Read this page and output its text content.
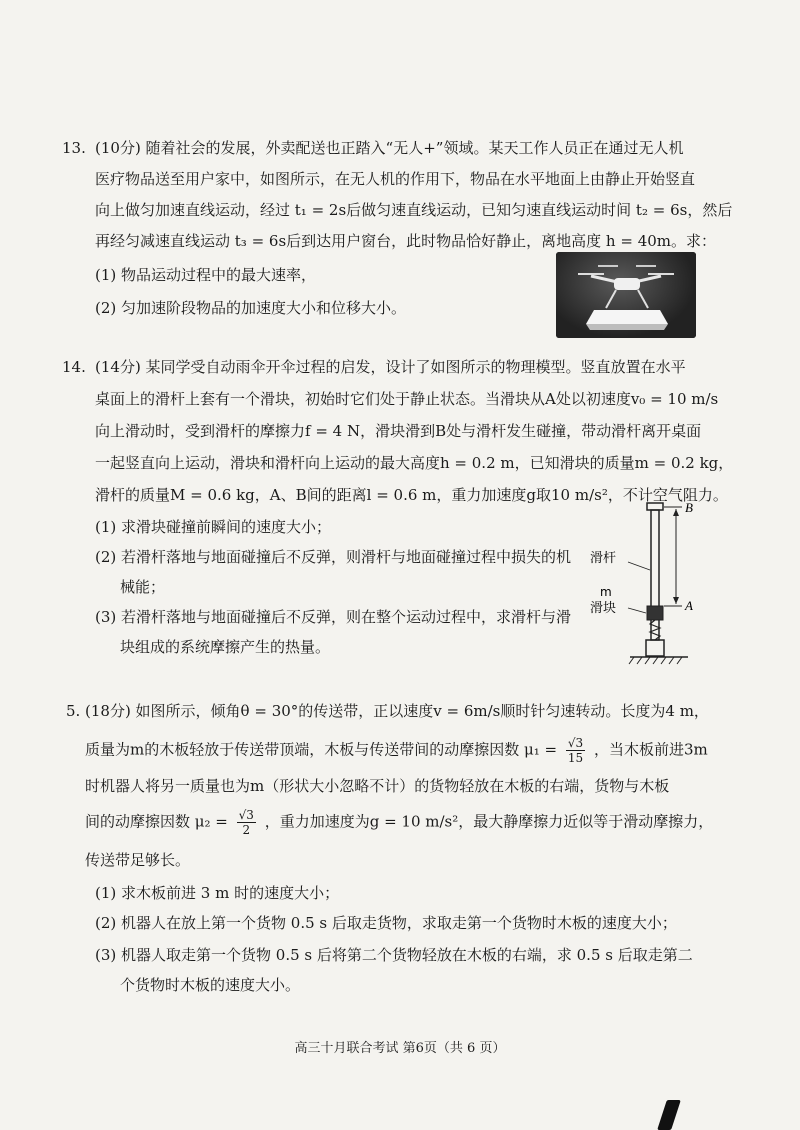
13. (10分) 随着社会的发展，外卖配送也正踏入“无人+”领域。某天工作人员正在通过无人机
医疗物品送至用户家中，如图所示，在无人机的作用下，物品在水平地面上由静止开始竖直
向上做匀加速直线运动，经过 t₁ = 2s后做匀速直线运动，已知匀速直线运动时间 t₂ = 6s，然后
再经匀减速直线运动 t₃ = 6s后到达用户窗台，此时物品恰好静止，离地高度 h = 40m。求：
(1) 物品运动过程中的最大速率，
(2) 匀加速阶段物品的加速度大小和位移大小。
14. (14分) 某同学受自动雨伞开伞过程的启发，设计了如图所示的物理模型。竖直放置在水平
桌面上的滑杆上套有一个滑块，初始时它们处于静止状态。当滑块从A处以初速度v₀ = 10 m/s
向上滑动时，受到滑杆的摩擦力f = 4 N，滑块滑到B处与滑杆发生碰撞，带动滑杆离开桌面
一起竖直向上运动，滑块和滑杆向上运动的最大高度h = 0.2 m，已知滑块的质量m = 0.2 kg，
滑杆的质量M = 0.6 kg，A、B间的距离l = 0.6 m，重力加速度g取10 m/s²，不计空气阻力。
(1) 求滑块碰撞前瞬间的速度大小；
(2) 若滑杆落地与地面碰撞后不反弹，则滑杆与地面碰撞过程中损失的机
械能；
(3) 若滑杆落地与地面碰撞后不反弹，则在整个运动过程中，求滑杆与滑
块组成的系统摩擦产生的热量。
B
A
滑杆
m
滑块
5. (18分) 如图所示，倾角θ = 30°的传送带，正以速度v = 6m/s顺时针匀速转动。长度为4 m，
质量为m的木板轻放于传送带顶端，木板与传送带间的动摩擦因数 $\mu_1 = \frac{√3}{15}$ ，当木板前进3m
时机器人将另一质量也为m（形状大小忽略不计）的货物轻放在木板的右端，货物与木板
间的动摩擦因数 $\mu_2 = \frac{√3}{2}$ ，重力加速度为g = 10 m/s²，最大静摩擦力近似等于滑动摩擦力，
传送带足够长。
(1) 求木板前进 3 m 时的速度大小；
(2) 机器人在放上第一个货物 0.5 s 后取走货物，求取走第一个货物时木板的速度大小；
(3) 机器人取走第一个货物 0.5 s 后将第二个货物轻放在木板的右端，求 0.5 s 后取走第二
个货物时木板的速度大小。
高三十月联合考试 第6页（共 6 页）
